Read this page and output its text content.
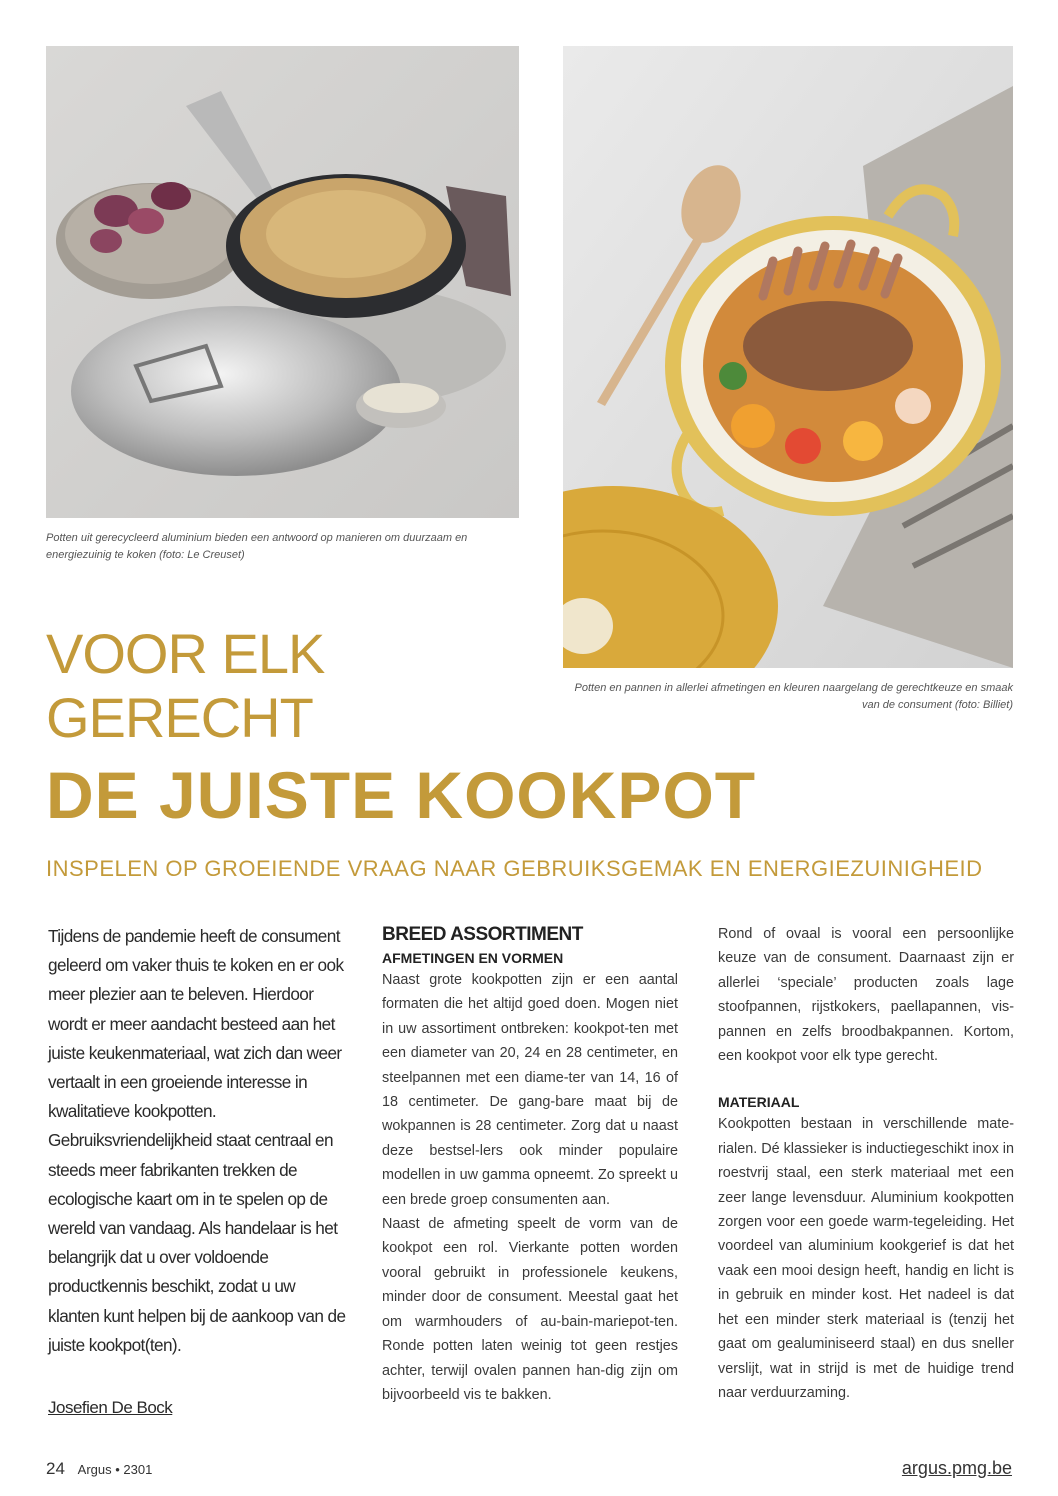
Potten uit gerecycleerd aluminium bieden een antwoord op manieren om duurzaam en energiezuinig te koken (foto: Le Creuset)
Potten en pannen in allerlei afmetingen en kleuren naargelang de gerechtkeuze en smaak van de consument (foto: Billiet)
VOOR ELK
GERECHT
DE JUISTE KOOKPOT
INSPELEN OP GROEIENDE VRAAG NAAR GEBRUIKSGEMAK EN ENERGIEZUINIGHEID
Tijdens de pandemie heeft de consument geleerd om vaker thuis te koken en er ook meer plezier aan te beleven. Hierdoor wordt er meer aandacht besteed aan het juiste keukenmateriaal, wat zich dan weer vertaalt in een groeiende interesse in kwalitatieve kookpotten. Gebruiksvriendelijkheid staat centraal en steeds meer fabrikanten trekken de ecologische kaart om in te spelen op de wereld van vandaag. Als handelaar is het belangrijk dat u over voldoende productkennis beschikt, zodat u uw klanten kunt helpen bij de aankoop van de juiste kookpot(ten).
Josefien De Bock
BREED ASSORTIMENT
AFMETINGEN EN VORMEN

Naast grote kookpotten zijn er een aantal formaten die het altijd goed doen. Mogen niet in uw assortiment ontbreken: kookpot-ten met een diameter van 20, 24 en 28 centimeter, en steelpannen met een diame-ter van 14, 16 of 18 centimeter. De gang-bare maat bij de wokpannen is 28 centimeter. Zorg dat u naast deze bestsel-lers ook minder populaire modellen in uw gamma opneemt. Zo spreekt u een brede groep consumenten aan.

Naast de afmeting speelt de vorm van de kookpot een rol. Vierkante potten worden vooral gebruikt in professionele keukens, minder door de consument. Meestal gaat het om warmhouders of au-bain-mariepot-ten. Ronde potten laten weinig tot geen restjes achter, terwijl ovalen pannen han-dig zijn om bijvoorbeeld vis te bakken.

Rond of ovaal is vooral een persoonlijke keuze van de consument. Daarnaast zijn er allerlei ‘speciale’ producten zoals lage stoofpannen, rijstkokers, paellapannen, vis-pannen en zelfs broodbakpannen. Kortom, een kookpot voor elk type gerecht.

MATERIAAL

Kookpotten bestaan in verschillende mate-rialen. Dé klassieker is inductiegeschikt inox in roestvrij staal, een sterk materiaal met een zeer lange levensduur. Aluminium kookpotten zorgen voor een goede warm-tegeleiding. Het voordeel van aluminium kookgerief is dat het vaak een mooi design heeft, handig en licht is in gebruik en minder kost. Het nadeel is dat het een minder sterk materiaal is (tenzij het gaat om gealuminiseerd staal) en dus sneller verslijt, wat in strijd is met de huidige trend naar verduurzaming.

24 Argus • 2301	argus.pmg.be
